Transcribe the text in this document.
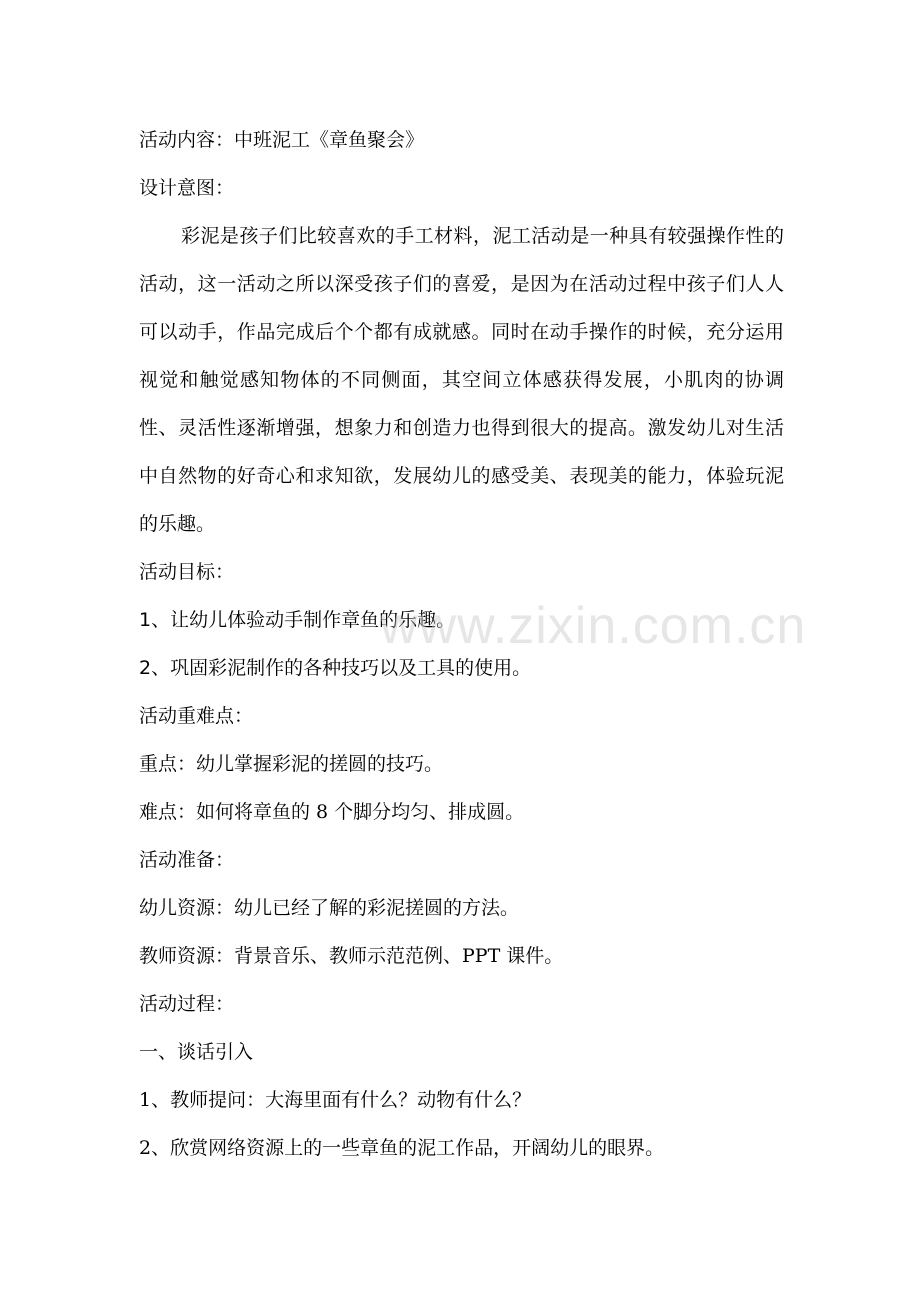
活动内容：中班泥工《章鱼聚会》
设计意图：

彩泥是孩子们比较喜欢的手工材料，泥工活动是一种具有较强操作性的活动，这一活动之所以深受孩子们的喜爱，是因为在活动过程中孩子们人人可以动手，作品完成后个个都有成就感。同时在动手操作的时候，充分运用视觉和触觉感知物体的不同侧面，其空间立体感获得发展，小肌肉的协调性、灵活性逐渐增强，想象力和创造力也得到很大的提高。激发幼儿对生活中自然物的好奇心和求知欲，发展幼儿的感受美、表现美的能力，体验玩泥的乐趣。

活动目标：
1、让幼儿体验动手制作章鱼的乐趣。
2、巩固彩泥制作的各种技巧以及工具的使用。
活动重难点：
重点：幼儿掌握彩泥的搓圆的技巧。
难点：如何将章鱼的 8 个脚分均匀、排成圆。
活动准备：
幼儿资源：幼儿已经了解的彩泥搓圆的方法。
教师资源：背景音乐、教师示范范例、PPT 课件。
活动过程：
一、谈话引入
1、教师提问：大海里面有什么？动物有什么？
2、欣赏网络资源上的一些章鱼的泥工作品，开阔幼儿的眼界。
www.zixin.com.cn
